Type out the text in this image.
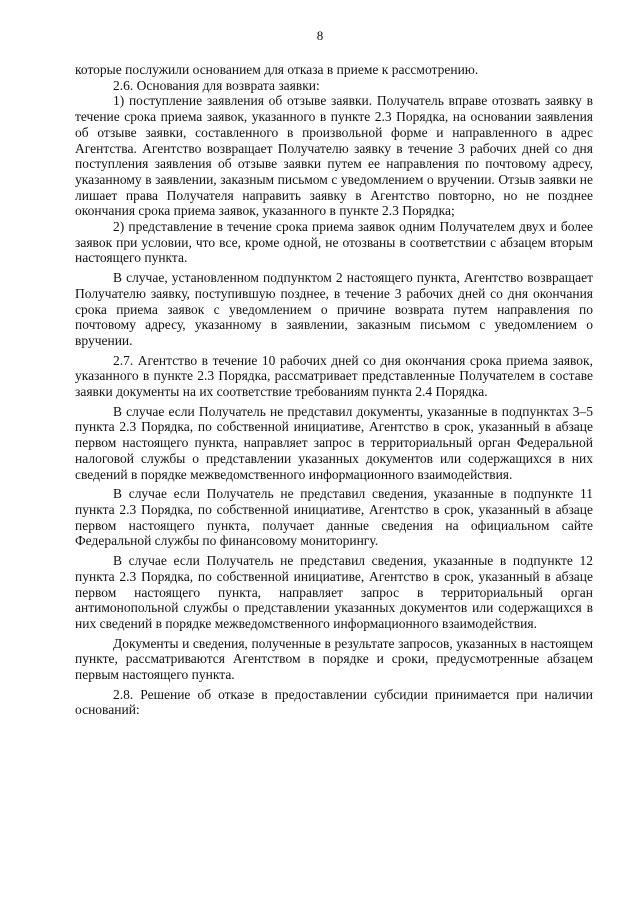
8

которые послужили основанием для отказа в приеме к рассмотрению.

2.6. Основания для возврата заявки:

1) поступление заявления об отзыве заявки. Получатель вправе отозвать заявку в течение срока приема заявок, указанного в пункте 2.3 Порядка, на основании заявления об отзыве заявки, составленного в произвольной форме и направленного в адрес Агентства. Агентство возвращает Получателю заявку в течение 3 рабочих дней со дня поступления заявления об отзыве заявки путем ее направления по почтовому адресу, указанному в заявлении, заказным письмом с уведомлением о вручении. Отзыв заявки не лишает права Получателя направить заявку в Агентство повторно, но не позднее окончания срока приема заявок, указанного в пункте 2.3 Порядка;

2) представление в течение срока приема заявок одним Получателем двух и более заявок при условии, что все, кроме одной, не отозваны в соответствии с абзацем вторым настоящего пункта.

В случае, установленном подпунктом 2 настоящего пункта, Агентство возвращает Получателю заявку, поступившую позднее, в течение 3 рабочих дней со дня окончания срока приема заявок с уведомлением о причине возврата путем направления по почтовому адресу, указанному в заявлении, заказным письмом с уведомлением о вручении.

2.7. Агентство в течение 10 рабочих дней со дня окончания срока приема заявок, указанного в пункте 2.3 Порядка, рассматривает представленные Получателем в составе заявки документы на их соответствие требованиям пункта 2.4 Порядка.

В случае если Получатель не представил документы, указанные в подпунктах 3–5 пункта 2.3 Порядка, по собственной инициативе, Агентство в срок, указанный в абзаце первом настоящего пункта, направляет запрос в территориальный орган Федеральной налоговой службы о представлении указанных документов или содержащихся в них сведений в порядке межведомственного информационного взаимодействия.

В случае если Получатель не представил сведения, указанные в подпункте 11 пункта 2.3 Порядка, по собственной инициативе, Агентство в срок, указанный в абзаце первом настоящего пункта, получает данные сведения на официальном сайте Федеральной службы по финансовому мониторингу.

В случае если Получатель не представил сведения, указанные в подпункте 12 пункта 2.3 Порядка, по собственной инициативе, Агентство в срок, указанный в абзаце первом настоящего пункта, направляет запрос в территориальный орган антимонопольной службы о представлении указанных документов или содержащихся в них сведений в порядке межведомственного информационного взаимодействия.

Документы и сведения, полученные в результате запросов, указанных в настоящем пункте, рассматриваются Агентством в порядке и сроки, предусмотренные абзацем первым настоящего пункта.

2.8. Решение об отказе в предоставлении субсидии принимается при наличии оснований:
